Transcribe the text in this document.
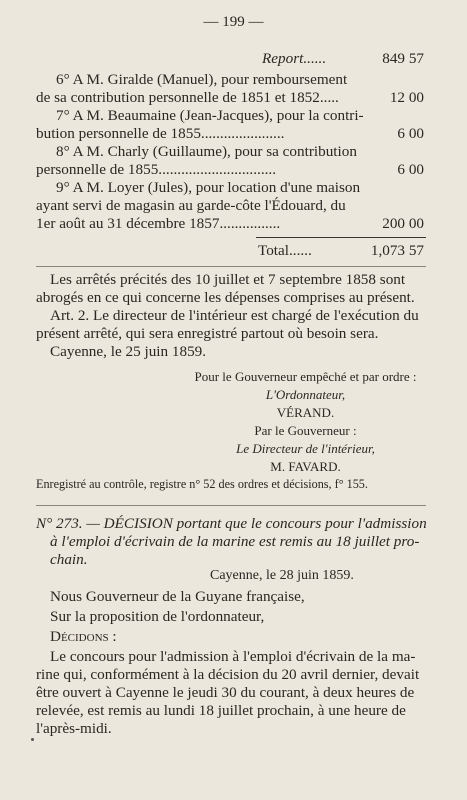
— 199 —
Report......	849 57
6° A M. Giralde (Manuel), pour remboursement
de sa contribution personnelle de 1851 et 1852.....	12 00
7° A M. Beaumaine (Jean-Jacques), pour la contri-
bution personnelle de 1855......................	6 00
8° A M. Charly (Guillaume), pour sa contribution
personnelle de 1855...............................	6 00
9° A M. Loyer (Jules), pour location d'une maison
ayant servi de magasin au garde-côte l'Édouard, du
1er août au 31 décembre 1857................	200 00
Total......	1,073 57
Les arrêtés précités des 10 juillet et 7 septembre 1858 sont
abrogés en ce qui concerne les dépenses comprises au présent.
Art. 2. Le directeur de l'intérieur est chargé de l'exécution du
présent arrêté, qui sera enregistré partout où besoin sera.
Cayenne, le 25 juin 1859.
Pour le Gouverneur empêché et par ordre :
L'Ordonnateur,
VÉRAND.
Par le Gouverneur :
Le Directeur de l'intérieur,
M. FAVARD.
Enregistré au contrôle, registre n° 52 des ordres et décisions, f° 155.
N° 273. — DÉCISION portant que le concours pour l'admission
à l'emploi d'écrivain de la marine est remis au 18 juillet pro-
chain.
Cayenne, le 28 juin 1859.
Nous Gouverneur de la Guyane française,
Sur la proposition de l'ordonnateur,
Décidons :
Le concours pour l'admission à l'emploi d'écrivain de la ma-
rine qui, conformément à la décision du 20 avril dernier, devait
être ouvert à Cayenne le jeudi 30 du courant, à deux heures de
relevée, est remis au lundi 18 juillet prochain, à une heure de
l'après-midi.
